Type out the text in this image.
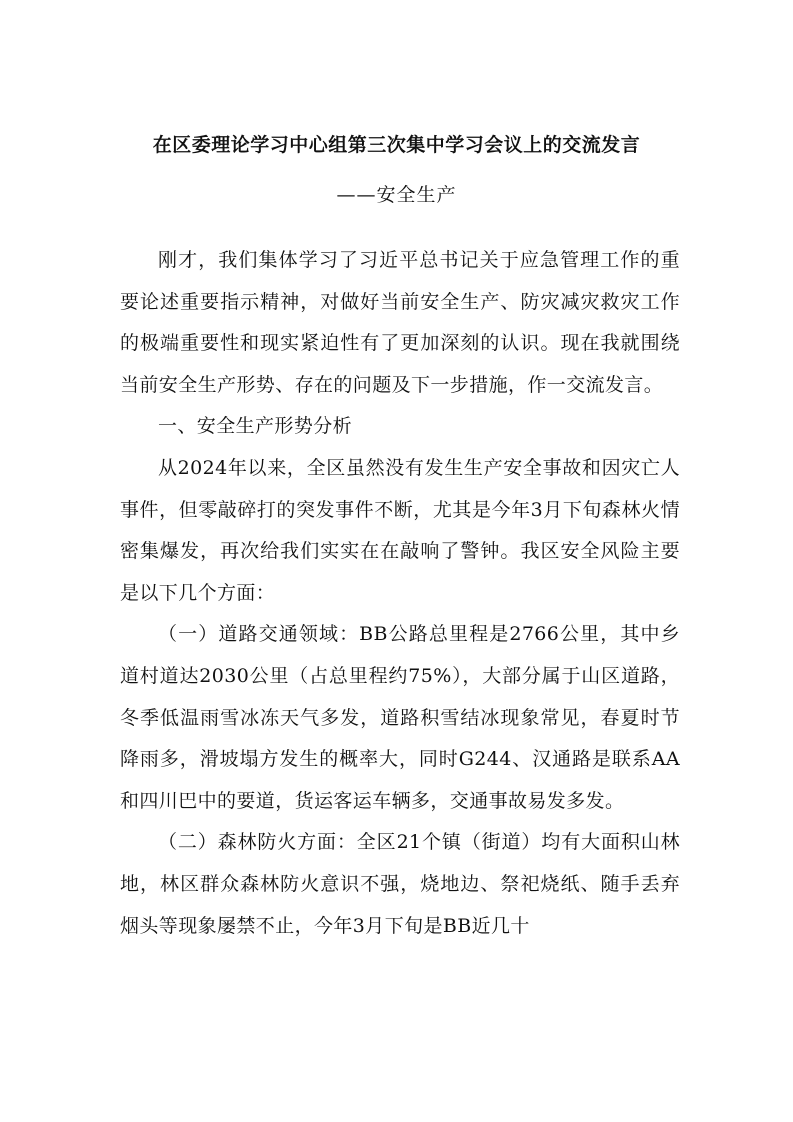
在区委理论学习中心组第三次集中学习会议上的交流发言
——安全生产

刚才，我们集体学习了习近平总书记关于应急管理工作的重要论述重要指示精神，对做好当前安全生产、防灾减灾救灾工作的极端重要性和现实紧迫性有了更加深刻的认识。现在我就围绕当前安全生产形势、存在的问题及下一步措施，作一交流发言。

一、安全生产形势分析

从2024年以来，全区虽然没有发生生产安全事故和因灾亡人事件，但零敲碎打的突发事件不断，尤其是今年3月下旬森林火情密集爆发，再次给我们实实在在敲响了警钟。我区安全风险主要是以下几个方面：

（一）道路交通领域：BB公路总里程是2766公里，其中乡道村道达2030公里（占总里程约75%），大部分属于山区道路，冬季低温雨雪冰冻天气多发，道路积雪结冰现象常见，春夏时节降雨多，滑坡塌方发生的概率大，同时G244、汉通路是联系AA和四川巴中的要道，货运客运车辆多，交通事故易发多发。

（二）森林防火方面：全区21个镇（街道）均有大面积山林地，林区群众森林防火意识不强，烧地边、祭祀烧纸、随手丢弃烟头等现象屡禁不止，今年3月下旬是BB近几十
